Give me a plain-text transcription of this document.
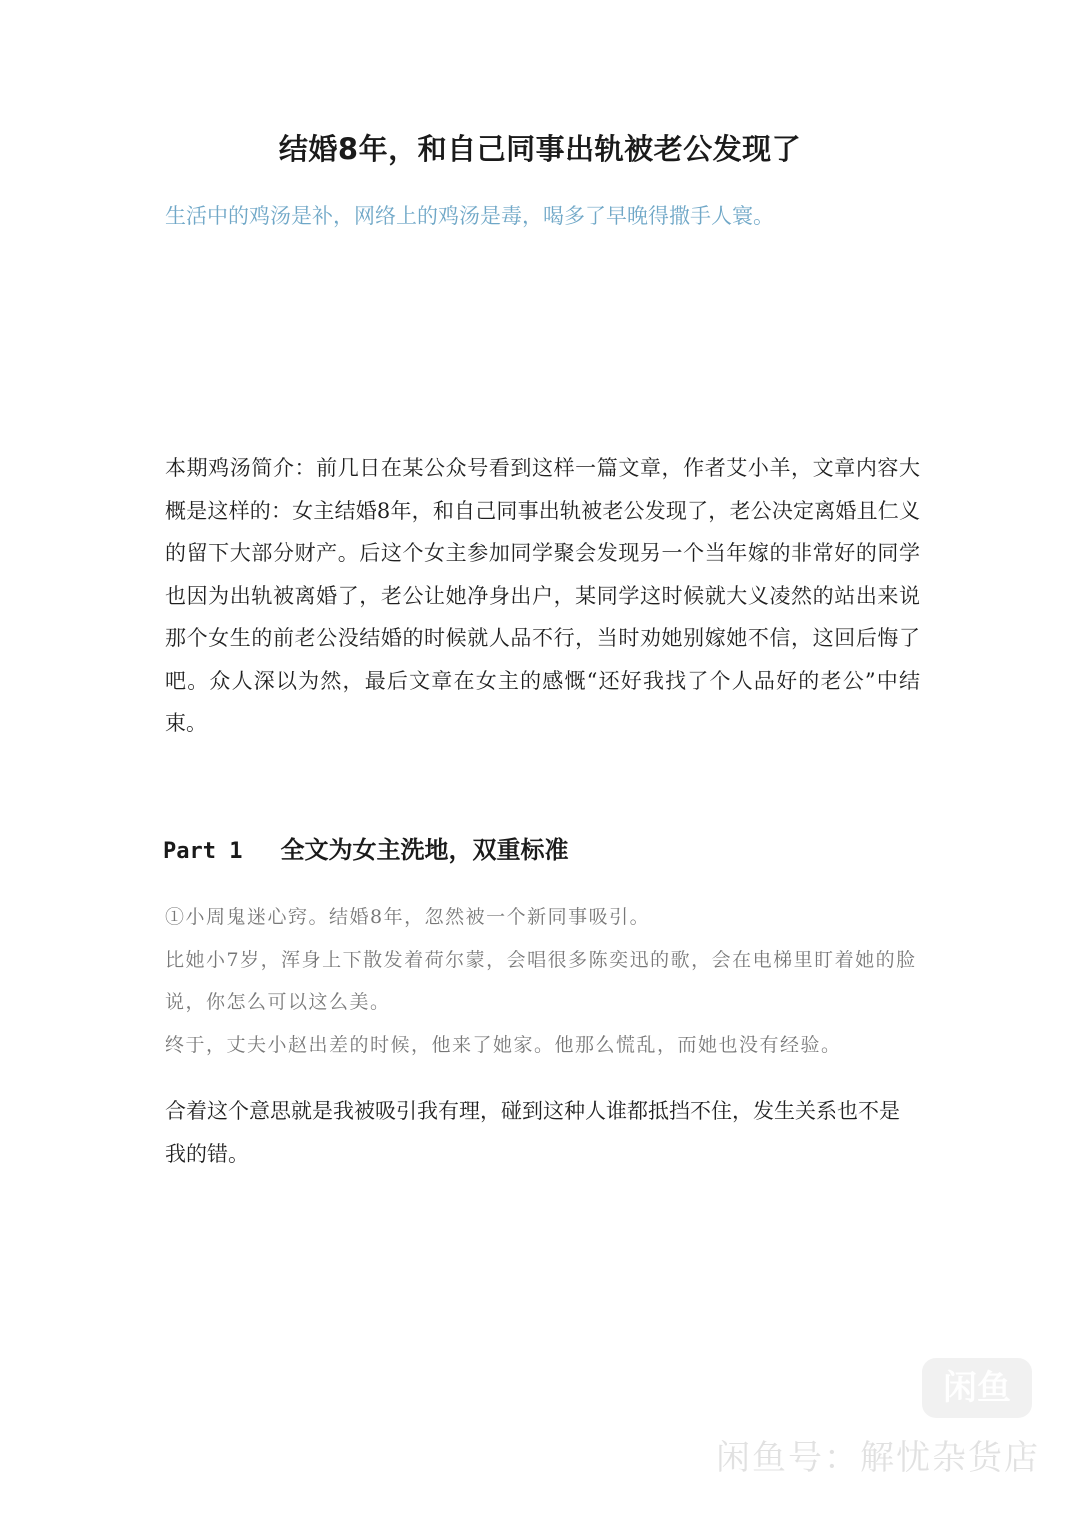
结婚8年，和自己同事出轨被老公发现了

生活中的鸡汤是补，网络上的鸡汤是毒，喝多了早晚得撒手人寰。

本期鸡汤简介：前几日在某公众号看到这样一篇文章，作者艾小羊，文章内容大概是这样的：女主结婚8年，和自己同事出轨被老公发现了，老公决定离婚且仁义的留下大部分财产。后这个女主参加同学聚会发现另一个当年嫁的非常好的同学也因为出轨被离婚了，老公让她净身出户，某同学这时候就大义凌然的站出来说那个女生的前老公没结婚的时候就人品不行，当时劝她别嫁她不信，这回后悔了吧。众人深以为然，最后文章在女主的感慨“还好我找了个人品好的老公”中结束。

Part 1 全文为女主洗地，双重标准

①小周鬼迷心窍。结婚8年，忽然被一个新同事吸引。

比她小7岁，浑身上下散发着荷尔蒙，会唱很多陈奕迅的歌，会在电梯里盯着她的脸说，你怎么可以这么美。

终于，丈夫小赵出差的时候，他来了她家。他那么慌乱，而她也没有经验。

合着这个意思就是我被吸引我有理，碰到这种人谁都抵挡不住，发生关系也不是我的错。

闲鱼
闲鱼号：解忧杂货店
